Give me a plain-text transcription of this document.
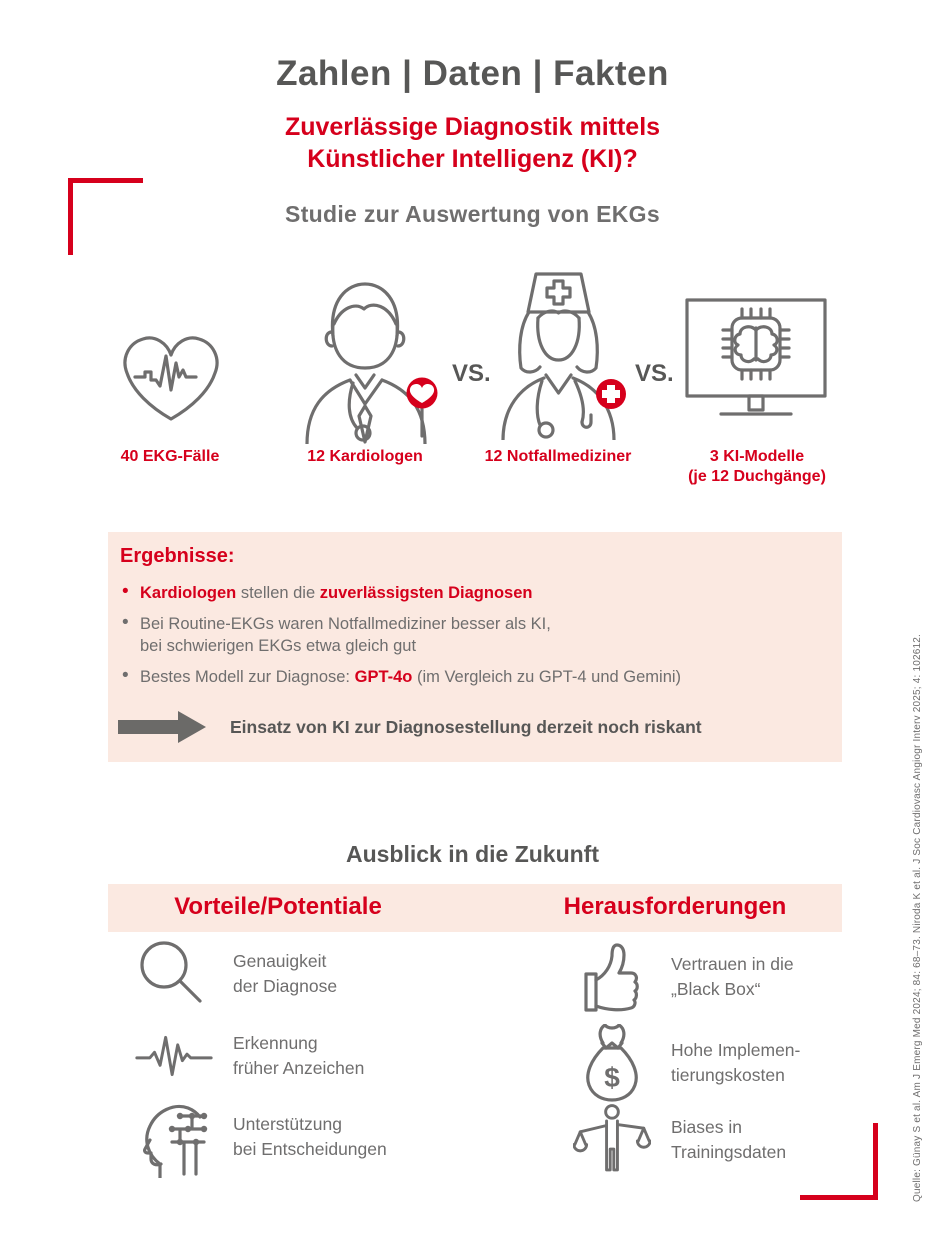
Zahlen | Daten | Fakten
Zuverlässige Diagnostik mittels
Künstlicher Intelligenz (KI)?
Studie zur Auswertung von EKGs
VS.	VS.
40 EKG-Fälle	12 Kardiologen	12 Notfallmediziner	3 KI-Modelle
(je 12 Duchgänge)
Ergebnisse:
• Kardiologen stellen die zuverlässigsten Diagnosen
• Bei Routine-EKGs waren Notfallmediziner besser als KI,
bei schwierigen EKGs etwa gleich gut
• Bestes Modell zur Diagnose: GPT-4o (im Vergleich zu GPT-4 und Gemini)
Einsatz von KI zur Diagnosestellung derzeit noch riskant
Ausblick in die Zukunft
Vorteile/Potentiale	Herausforderungen
Genauigkeit
der Diagnose
Erkennung
früher Anzeichen
Unterstützung
bei Entscheidungen
Vertrauen in die
„Black Box“
$
Hohe Implemen-
tierungskosten
Biases in
Trainingsdaten	Quelle: Günay S et al. Am J Emerg Med 2024; 84: 68–73. Niroda K et al. J Soc Cardiovasc Angiogr Interv 2025; 4: 102612.
